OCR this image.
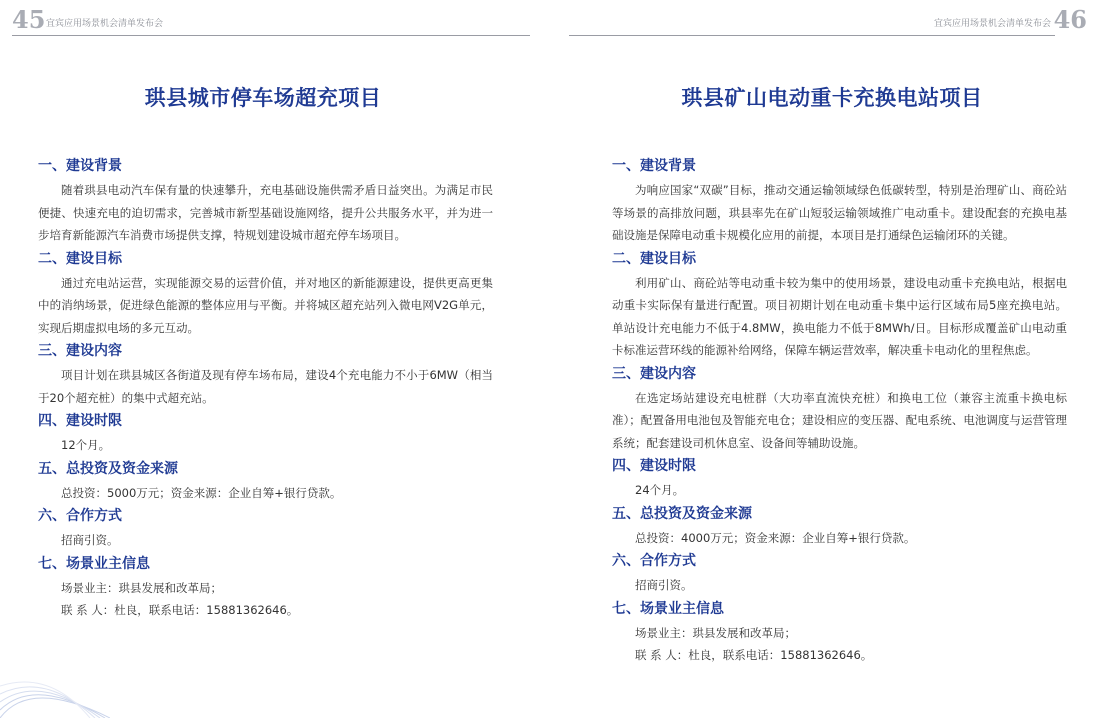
45 宜宾应用场景机会清单发布会
珙县城市停车场超充项目
一、建设背景

随着珙县电动汽车保有量的快速攀升，充电基础设施供需矛盾日益突出。为满足市民便捷、快速充电的迫切需求，完善城市新型基础设施网络，提升公共服务水平，并为进一步培育新能源汽车消费市场提供支撑，特规划建设城市超充停车场项目。

二、建设目标

通过充电站运营，实现能源交易的运营价值，并对地区的新能源建设，提供更高更集中的消纳场景，促进绿色能源的整体应用与平衡。并将城区超充站列入微电网V2G单元，实现后期虚拟电场的多元互动。

三、建设内容

项目计划在珙县城区各街道及现有停车场布局，建设4个充电能力不小于6MW（相当于20个超充桩）的集中式超充站。

四、建设时限

12个月。

五、总投资及资金来源

总投资：5000万元；资金来源：企业自筹+银行贷款。

六、合作方式

招商引资。

七、场景业主信息
场景业主：珙县发展和改革局；
联 系 人：杜良，联系电话：15881362646。
宜宾应用场景机会清单发布会 46
珙县矿山电动重卡充换电站项目
一、建设背景

为响应国家“双碳”目标，推动交通运输领域绿色低碳转型，特别是治理矿山、商砼站等场景的高排放问题，珙县率先在矿山短驳运输领域推广电动重卡。建设配套的充换电基础设施是保障电动重卡规模化应用的前提，本项目是打通绿色运输闭环的关键。

二、建设目标

利用矿山、商砼站等电动重卡较为集中的使用场景，建设电动重卡充换电站，根据电动重卡实际保有量进行配置。项目初期计划在电动重卡集中运行区域布局5座充换电站。单站设计充电能力不低于4.8MW，换电能力不低于8MWh/日。目标形成覆盖矿山电动重卡标准运营环线的能源补给网络，保障车辆运营效率，解决重卡电动化的里程焦虑。

三、建设内容

在选定场站建设充电桩群（大功率直流快充桩）和换电工位（兼容主流重卡换电标准）；配置备用电池包及智能充电仓；建设相应的变压器、配电系统、电池调度与运营管理系统；配套建设司机休息室、设备间等辅助设施。

四、建设时限

24个月。

五、总投资及资金来源

总投资：4000万元；资金来源：企业自筹+银行贷款。

六、合作方式

招商引资。

七、场景业主信息
场景业主：珙县发展和改革局；
联 系 人：杜良，联系电话：15881362646。
